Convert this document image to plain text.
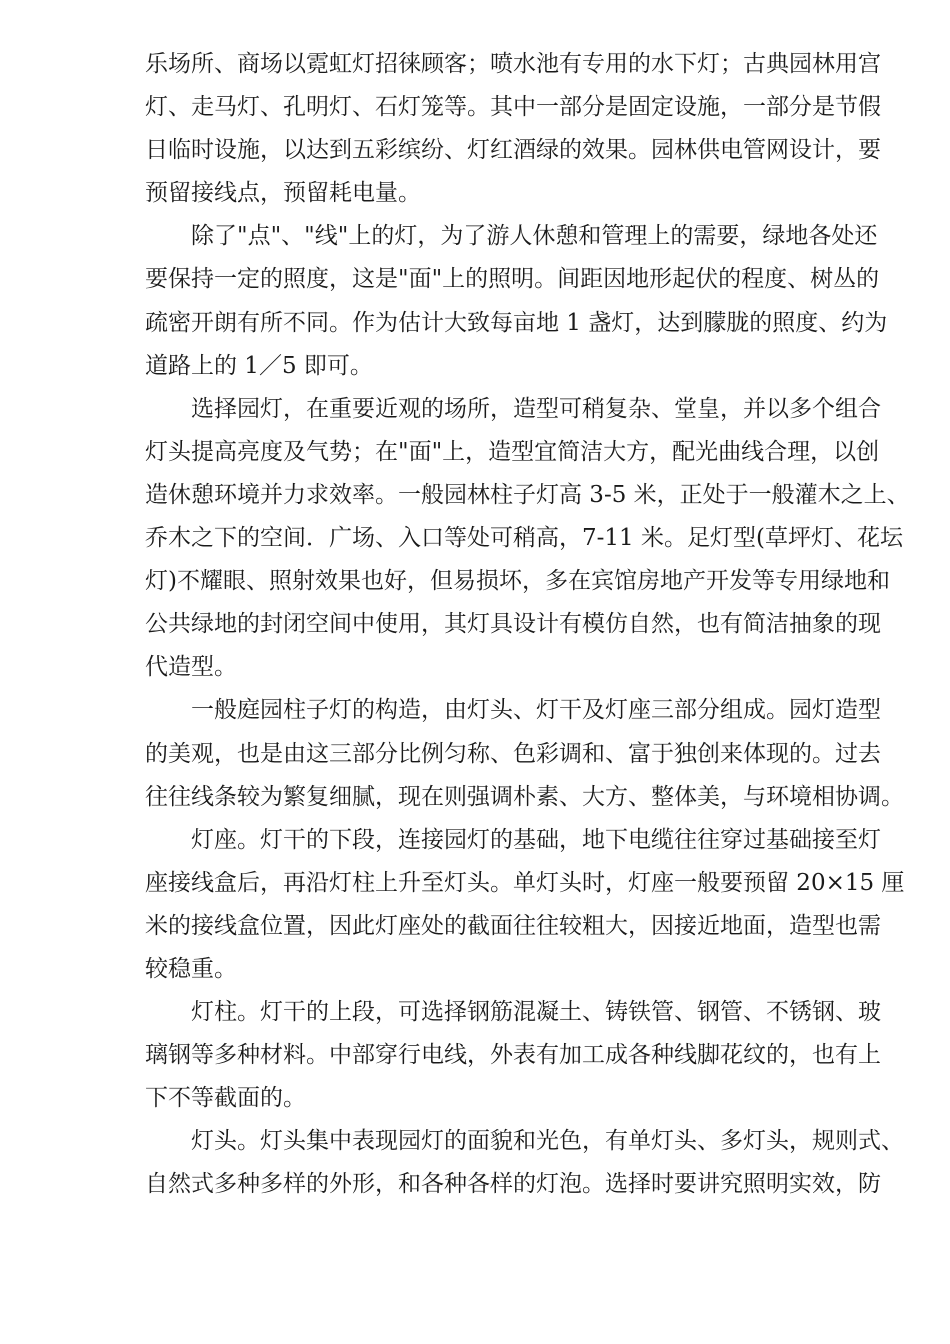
乐场所、商场以霓虹灯招徕顾客；喷水池有专用的水下灯；古典园林用宫
灯、走马灯、孔明灯、石灯笼等。其中一部分是固定设施，一部分是节假
日临时设施，以达到五彩缤纷、灯红酒绿的效果。园林供电管网设计，要
预留接线点，预留耗电量。
除了"点"、"线"上的灯，为了游人休憩和管理上的需要，绿地各处还
要保持一定的照度，这是"面"上的照明。间距因地形起伏的程度、树丛的
疏密开朗有所不同。作为估计大致每亩地 1 盏灯，达到朦胧的照度、约为
道路上的 1／5 即可。
选择园灯，在重要近观的场所，造型可稍复杂、堂皇，并以多个组合
灯头提高亮度及气势；在"面"上，造型宜简洁大方，配光曲线合理，以创
造休憩环境并力求效率。一般园林柱子灯高 3-5 米，正处于一般灌木之上、
乔木之下的空间．广场、入口等处可稍高，7-11 米。足灯型(草坪灯、花坛
灯)不耀眼、照射效果也好，但易损坏，多在宾馆房地产开发等专用绿地和
公共绿地的封闭空间中使用，其灯具设计有模仿自然，也有简洁抽象的现
代造型。
一般庭园柱子灯的构造，由灯头、灯干及灯座三部分组成。园灯造型
的美观，也是由这三部分比例匀称、色彩调和、富于独创来体现的。过去
往往线条较为繁复细腻，现在则强调朴素、大方、整体美，与环境相协调。
灯座。灯干的下段，连接园灯的基础，地下电缆往往穿过基础接至灯
座接线盒后，再沿灯柱上升至灯头。单灯头时，灯座一般要预留 20×15 厘
米的接线盒位置，因此灯座处的截面往往较粗大，因接近地面，造型也需
较稳重。
灯柱。灯干的上段，可选择钢筋混凝土、铸铁管、钢管、不锈钢、玻
璃钢等多种材料。中部穿行电线，外表有加工成各种线脚花纹的，也有上
下不等截面的。
灯头。灯头集中表现园灯的面貌和光色，有单灯头、多灯头，规则式、
自然式多种多样的外形，和各种各样的灯泡。选择时要讲究照明实效，防
